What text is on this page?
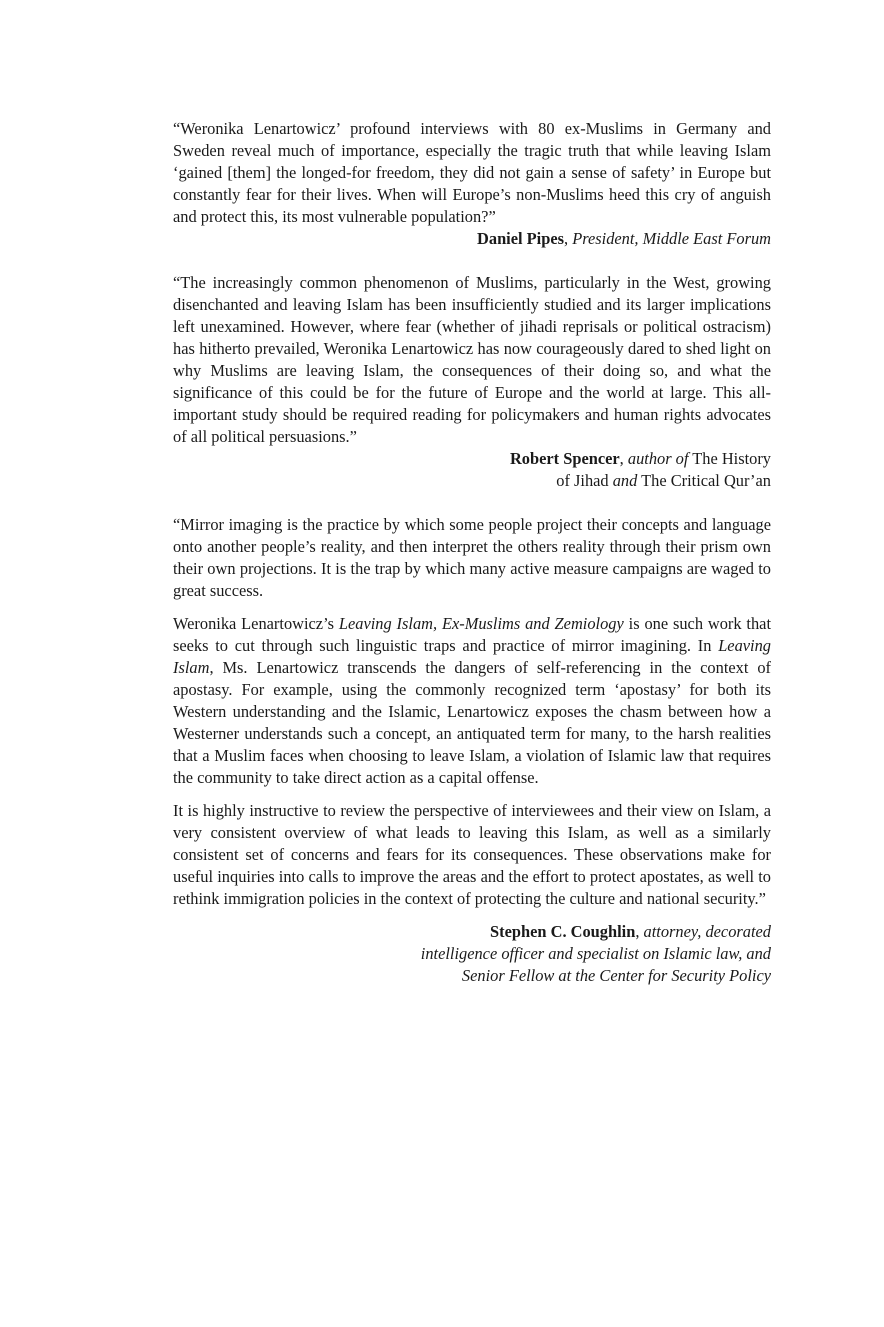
“Weronika Lenartowicz’ profound interviews with 80 ex-Muslims in Germany and Sweden reveal much of importance, especially the tragic truth that while leaving Islam ‘gained [them] the longed-for freedom, they did not gain a sense of safety’ in Europe but constantly fear for their lives. When will Europe’s non-Muslims heed this cry of anguish and protect this, its most vulnerable population?”

Daniel Pipes, President, Middle East Forum

“The increasingly common phenomenon of Muslims, particularly in the West, growing disenchanted and leaving Islam has been insufficiently studied and its larger implications left unexamined. However, where fear (whether of jihadi reprisals or political ostracism) has hitherto prevailed, Weronika Lenartowicz has now courageously dared to shed light on why Muslims are leaving Islam, the consequences of their doing so, and what the significance of this could be for the future of Europe and the world at large. This all-important study should be required reading for policymakers and human rights advocates of all political persuasions.”

Robert Spencer, author of The History
of Jihad and The Critical Qur’an

“Mirror imaging is the practice by which some people project their concepts and language onto another people’s reality, and then interpret the others reality through their prism own their own projections. It is the trap by which many active measure campaigns are waged to great success.

Weronika Lenartowicz’s Leaving Islam, Ex-Muslims and Zemiology is one such work that seeks to cut through such linguistic traps and practice of mirror imagining. In Leaving Islam, Ms. Lenartowicz transcends the dangers of self-referencing in the context of apostasy. For example, using the commonly recognized term ‘apostasy’ for both its Western understanding and the Islamic, Lenartowicz exposes the chasm between how a Westerner understands such a concept, an antiquated term for many, to the harsh realities that a Muslim faces when choosing to leave Islam, a violation of Islamic law that requires the community to take direct action as a capital offense.

It is highly instructive to review the perspective of interviewees and their view on Islam, a very consistent overview of what leads to leaving this Islam, as well as a similarly consistent set of concerns and fears for its consequences. These observations make for useful inquiries into calls to improve the areas and the effort to protect apostates, as well to rethink immigration policies in the context of protecting the culture and national security.”

Stephen C. Coughlin, attorney, decorated
intelligence officer and specialist on Islamic law, and
Senior Fellow at the Center for Security Policy
